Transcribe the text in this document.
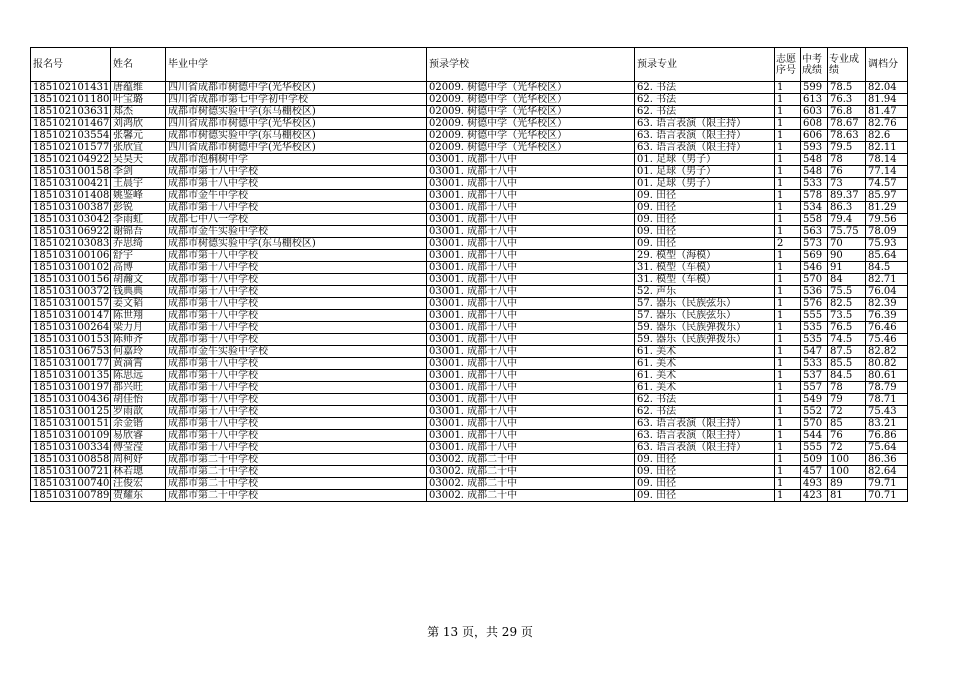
报名号	姓名	毕业中学	预录学校	预录专业	志愿序号	中考成绩	专业成绩	调档分
185102101431	唐蕴维	四川省成都市树德中学(光华校区)	02009. 树德中学（光华校区）	62. 书法	1	599	78.5	82.04
185102101180	叶宝璐	四川省成都市第七中学初中学校	02009. 树德中学（光华校区）	62. 书法	1	613	76.3	81.94
185102103631	郑杰	成都市树德实验中学(东马棚校区)	02009. 树德中学（光华校区）	62. 书法	1	603	76.8	81.47
185102101467	刘鸿欣	四川省成都市树德中学(光华校区)	02009. 树德中学（光华校区）	63. 语言表演（限主持）	1	608	78.67	82.76
185102103554	张馨元	成都市树德实验中学(东马棚校区)	02009. 树德中学（光华校区）	63. 语言表演（限主持）	1	606	78.63	82.6
185102101577	张欣宜	四川省成都市树德中学(光华校区)	02009. 树德中学（光华校区）	63. 语言表演（限主持）	1	593	79.5	82.11
185102104922	吴昊天	成都市泡桐树中学	03001. 成都十八中	01. 足球（男子）	1	548	78	78.14
185103100158	李剑	成都市第十八中学校	03001. 成都十八中	01. 足球（男子）	1	548	76	77.14
185103100421	王晨宇	成都市第十八中学校	03001. 成都十八中	01. 足球（男子）	1	533	73	74.57
185103101408	姚鉴峰	成都市金牛中学校	03001. 成都十八中	09. 田径	1	578	89.37	85.97
185103100387	彭锐	成都市第十八中学校	03001. 成都十八中	09. 田径	1	534	86.3	81.29
185103103042	李雨虹	成都七中八一学校	03001. 成都十八中	09. 田径	1	558	79.4	79.56
185103106922	谢锦吾	成都市金牛实验中学校	03001. 成都十八中	09. 田径	1	563	75.75	78.09
185102103083	乔思绮	成都市树德实验中学(东马棚校区)	03001. 成都十八中	09. 田径	2	573	70	75.93
185103100106	舒宇	成都市第十八中学校	03001. 成都十八中	29. 模型（海模）	1	569	90	85.64
185103100102	高博	成都市第十八中学校	03001. 成都十八中	31. 模型（车模）	1	546	91	84.5
185103100156	胡瀚文	成都市第十八中学校	03001. 成都十八中	31. 模型（车模）	1	570	84	82.71
185103100372	钱典典	成都市第十八中学校	03001. 成都十八中	52. 声乐	1	536	75.5	76.04
185103100157	姜文韬	成都市第十八中学校	03001. 成都十八中	57. 器乐（民族弦乐）	1	576	82.5	82.39
185103100147	陈世翔	成都市第十八中学校	03001. 成都十八中	57. 器乐（民族弦乐）	1	555	73.5	76.39
185103100264	梁力月	成都市第十八中学校	03001. 成都十八中	59. 器乐（民族弹拨乐）	1	535	76.5	76.46
185103100153	陈师齐	成都市第十八中学校	03001. 成都十八中	59. 器乐（民族弹拨乐）	1	535	74.5	75.46
185103106753	何嘉玲	成都市金牛实验中学校	03001. 成都十八中	61. 美术	1	547	87.5	82.82
185103100177	黄滴霄	成都市第十八中学校	03001. 成都十八中	61. 美术	1	533	85.5	80.82
185103100135	陈思远	成都市第十八中学校	03001. 成都十八中	61. 美术	1	537	84.5	80.61
185103100197	都兴旺	成都市第十八中学校	03001. 成都十八中	61. 美术	1	557	78	78.79
185103100436	胡佳怡	成都市第十八中学校	03001. 成都十八中	62. 书法	1	549	79	78.71
185103100125	罗雨歆	成都市第十八中学校	03001. 成都十八中	62. 书法	1	552	72	75.43
185103100151	余金锴	成都市第十八中学校	03001. 成都十八中	63. 语言表演（限主持）	1	570	85	83.21
185103100109	易欣睿	成都市第十八中学校	03001. 成都十八中	63. 语言表演（限主持）	1	544	76	76.86
185103100334	傅莹滢	成都市第十八中学校	03001. 成都十八中	63. 语言表演（限主持）	1	555	72	75.64
185103100858	周柯妤	成都市第二十中学校	03002. 成都二十中	09. 田径	1	509	100	86.36
185103100721	林若璁	成都市第二十中学校	03002. 成都二十中	09. 田径	1	457	100	82.64
185103100740	汪俊宏	成都市第二十中学校	03002. 成都二十中	09. 田径	1	493	89	79.71
185103100789	贺耀东	成都市第二十中学校	03002. 成都二十中	09. 田径	1	423	81	70.71
第 13 页，共 29 页
